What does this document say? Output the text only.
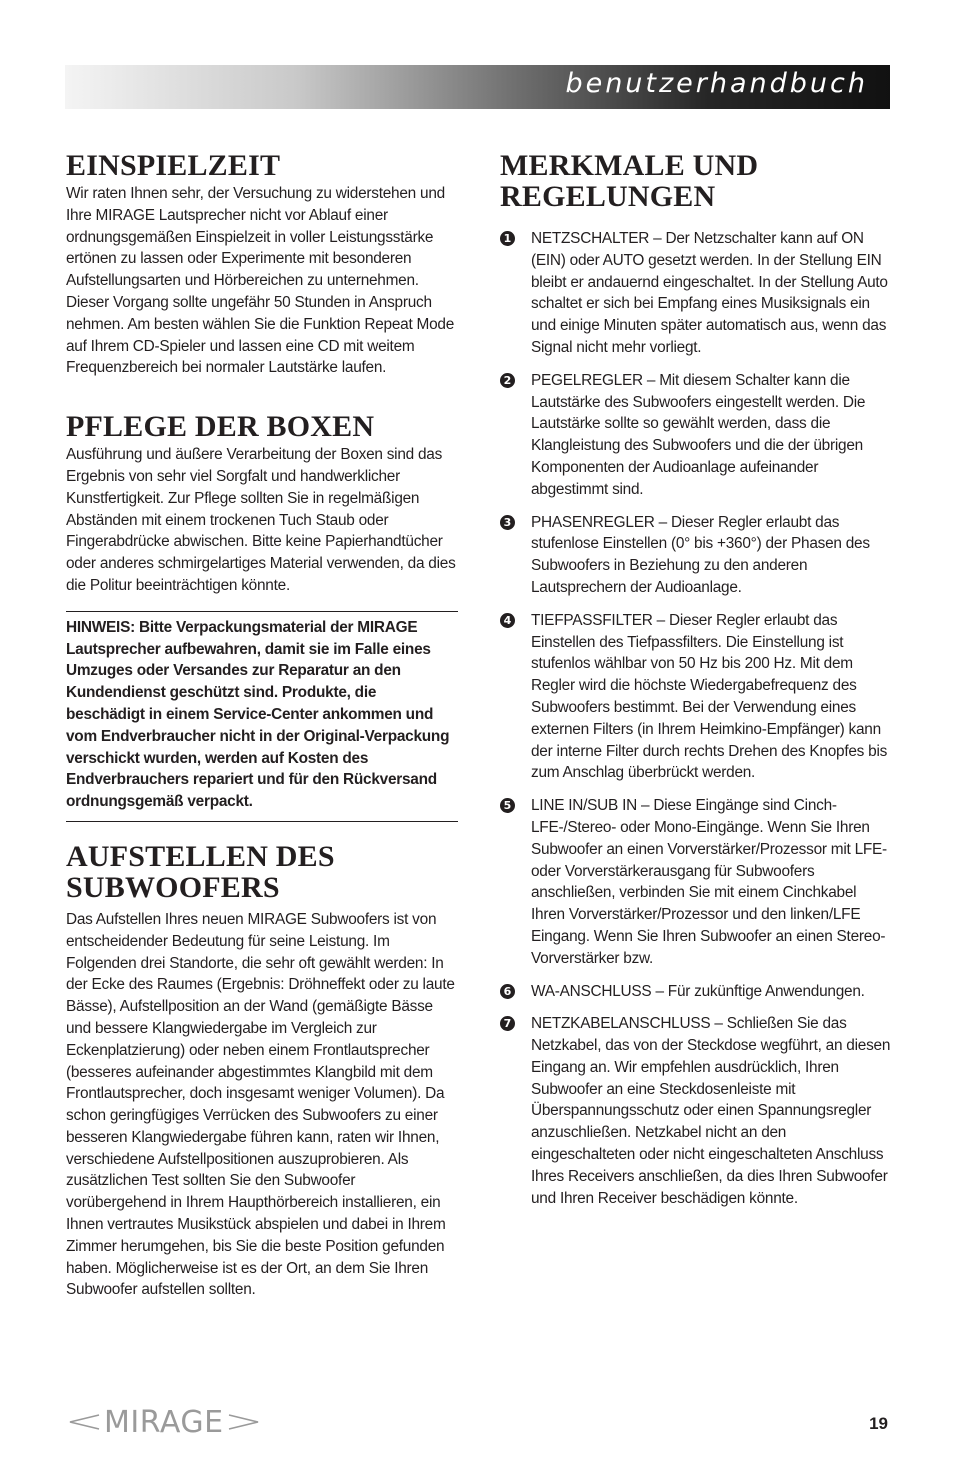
benutzerhandbuch
EINSPIELZEIT

Wir raten Ihnen sehr, der Versuchung zu widerstehen und Ihre MIRAGE Lautsprecher nicht vor Ablauf einer ordnungsgemäßen Einspielzeit in voller Leistungsstärke ertönen zu lassen oder Experimente mit besonderen Aufstellungsarten und Hörbereichen zu unternehmen. Dieser Vorgang sollte ungefähr 50 Stunden in Anspruch nehmen. Am besten wählen Sie die Funktion Repeat Mode auf Ihrem CD-Spieler und lassen eine CD mit weitem Frequenzbereich bei normaler Lautstärke laufen.

PFLEGE DER BOXEN

Ausführung und äußere Verarbeitung der Boxen sind das Ergebnis von sehr viel Sorgfalt und handwerklicher Kunstfertigkeit. Zur Pflege sollten Sie in regelmäßigen Abständen mit einem trockenen Tuch Staub oder Fingerabdrücke abwischen. Bitte keine Papierhandtücher oder anderes schmirgelartiges Material verwenden, da dies die Politur beeinträchtigen könnte.

HINWEIS: Bitte Verpackungsmaterial der MIRAGE Lautsprecher aufbewahren, damit sie im Falle eines Umzuges oder Versandes zur Reparatur an den Kundendienst geschützt sind. Produkte, die beschädigt in einem Service-Center ankommen und vom Endverbraucher nicht in der Original-Verpackung verschickt wurden, werden auf Kosten des Endverbrauchers repariert und für den Rückversand ordnungsgemäß verpackt.
AUFSTELLEN DES
SUBWOOFERS

Das Aufstellen Ihres neuen MIRAGE Subwoofers ist von entscheidender Bedeutung für seine Leistung. Im Folgenden drei Standorte, die sehr oft gewählt werden: In der Ecke des Raumes (Ergebnis: Dröhneffekt oder zu laute Bässe), Aufstellposition an der Wand (gemäßigte Bässe und bessere Klangwiedergabe im Vergleich zur Eckenplatzierung) oder neben einem Frontlautsprecher (besseres aufeinander abgestimmtes Klangbild mit dem Frontlautsprecher, doch insgesamt weniger Volumen). Da schon geringfügiges Verrücken des Subwoofers zu einer besseren Klangwiedergabe führen kann, raten wir Ihnen, verschiedene Aufstellpositionen auszuprobieren. Als zusätzlichen Test sollten Sie den Subwoofer vorübergehend in Ihrem Haupthörbereich installieren, ein Ihnen vertrautes Musikstück abspielen und dabei in Ihrem Zimmer herumgehen, bis Sie die beste Position gefunden haben. Möglicherweise ist es der Ort, an dem Sie Ihren Subwoofer aufstellen sollten.

MERKMALE UND
REGELUNGEN
1 NETZSCHALTER – Der Netzschalter kann auf ON (EIN) oder AUTO gesetzt werden. In der Stellung EIN bleibt er andauernd eingeschaltet. In der Stellung Auto schaltet er sich bei Empfang eines Musiksignals ein und einige Minuten später automatisch aus, wenn das Signal nicht mehr vorliegt.
2 PEGELREGLER – Mit diesem Schalter kann die Lautstärke des Subwoofers eingestellt werden. Die Lautstärke sollte so gewählt werden, dass die Klangleistung des Subwoofers und die der übrigen Komponenten der Audioanlage aufeinander abgestimmt sind.
3 PHASENREGLER – Dieser Regler erlaubt das stufenlose Einstellen (0° bis +360°) der Phasen des Subwoofers in Beziehung zu den anderen Lautsprechern der Audioanlage.
4 TIEFPASSFILTER – Dieser Regler erlaubt das Einstellen des Tiefpassfilters. Die Einstellung ist stufenlos wählbar von 50 Hz bis 200 Hz. Mit dem Regler wird die höchste Wiedergabefrequenz des Subwoofers bestimmt. Bei der Verwendung eines externen Filters (in Ihrem Heimkino-Empfänger) kann der interne Filter durch rechts Drehen des Knopfes bis zum Anschlag überbrückt werden.
5 LINE IN/SUB IN – Diese Eingänge sind Cinch-LFE-/Stereo- oder Mono-Eingänge. Wenn Sie Ihren Subwoofer an einen Vorverstärker/Prozessor mit LFE- oder Vorverstärkerausgang für Subwoofers anschließen, verbinden Sie mit einem Cinchkabel Ihren Vorverstärker/Prozessor und den linken/LFE Eingang. Wenn Sie Ihren Subwoofer an einen Stereo-Vorverstärker bzw.
6 WA-ANSCHLUSS – Für zukünftige Anwendungen.
7 NETZKABELANSCHLUSS – Schließen Sie das Netzkabel, das von der Steckdose wegführt, an diesen Eingang an. Wir empfehlen ausdrücklich, Ihren Subwoofer an eine Steckdosenleiste mit Überspannungsschutz oder einen Spannungsregler anzuschließen. Netzkabel nicht an den eingeschalteten oder nicht eingeschalteten Anschluss Ihres Receivers anschließen, da dies Ihren Subwoofer und Ihren Receiver beschädigen könnte.
MIRAGE	19
